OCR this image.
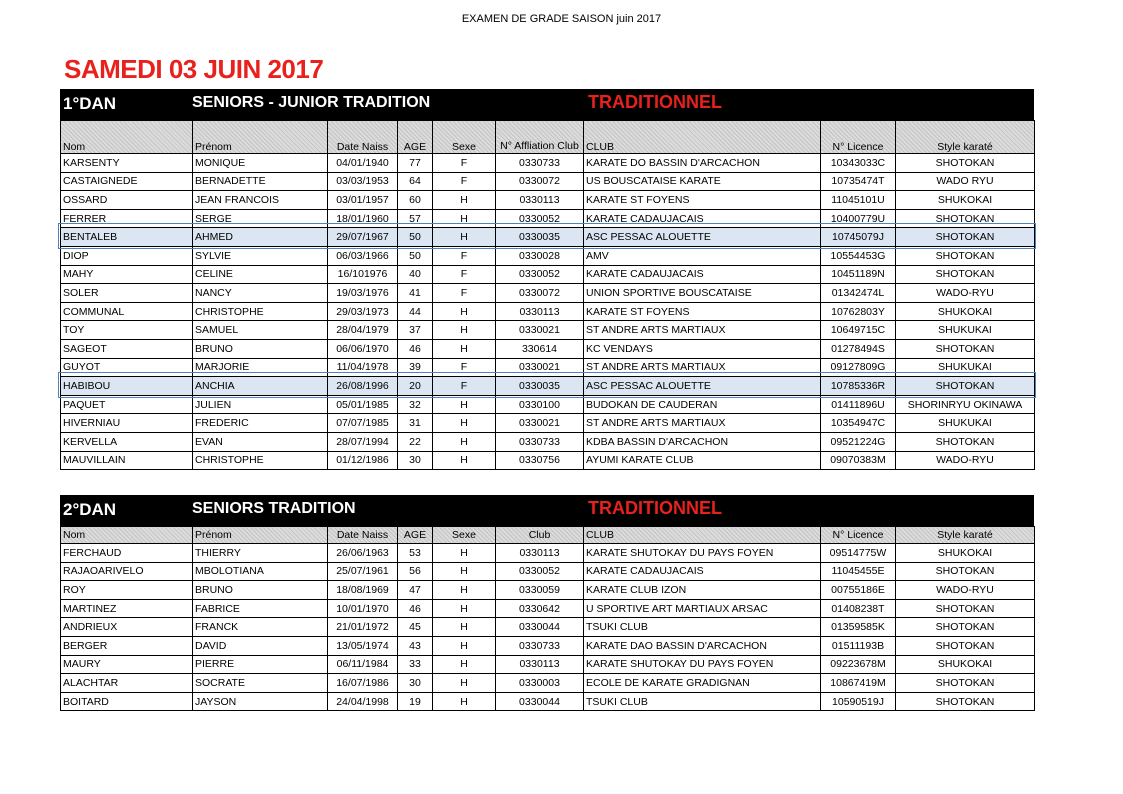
EXAMEN DE GRADE SAISON juin 2017
SAMEDI 03 JUIN 2017
1°DAN	SENIORS - JUNIOR TRADITION	TRADITIONNEL
Nom	Prénom	Date Naiss	AGE	Sexe	N° Affliation Club	CLUB	N° Licence	Style karaté
KARSENTY	MONIQUE	04/01/1940	77	F	0330733	KARATE DO BASSIN D'ARCACHON	10343033C	SHOTOKAN
CASTAIGNEDE	BERNADETTE	03/03/1953	64	F	0330072	US BOUSCATAISE KARATE	10735474T	WADO RYU
OSSARD	JEAN FRANCOIS	03/01/1957	60	H	0330113	KARATE ST FOYENS	11045101U	SHUKOKAI
FERRER	SERGE	18/01/1960	57	H	0330052	KARATE CADAUJACAIS	10400779U	SHOTOKAN
BENTALEB	AHMED	29/07/1967	50	H	0330035	ASC PESSAC ALOUETTE	10745079J	SHOTOKAN
DIOP	SYLVIE	06/03/1966	50	F	0330028	AMV	10554453G	SHOTOKAN
MAHY	CELINE	16/101976	40	F	0330052	KARATE CADAUJACAIS	10451189N	SHOTOKAN
SOLER	NANCY	19/03/1976	41	F	0330072	UNION SPORTIVE BOUSCATAISE	01342474L	WADO-RYU
COMMUNAL	CHRISTOPHE	29/03/1973	44	H	0330113	KARATE ST FOYENS	10762803Y	SHUKOKAI
TOY	SAMUEL	28/04/1979	37	H	0330021	ST ANDRE ARTS MARTIAUX	10649715C	SHUKUKAI
SAGEOT	BRUNO	06/06/1970	46	H	330614	KC VENDAYS	01278494S	SHOTOKAN
GUYOT	MARJORIE	11/04/1978	39	F	0330021	ST ANDRE ARTS MARTIAUX	09127809G	SHUKUKAI
HABIBOU	ANCHIA	26/08/1996	20	F	0330035	ASC PESSAC ALOUETTE	10785336R	SHOTOKAN
PAQUET	JULIEN	05/01/1985	32	H	0330100	BUDOKAN DE CAUDERAN	01411896U	SHORINRYU OKINAWA
HIVERNIAU	FREDERIC	07/07/1985	31	H	0330021	ST ANDRE ARTS MARTIAUX	10354947C	SHUKUKAI
KERVELLA	EVAN	28/07/1994	22	H	0330733	KDBA BASSIN D'ARCACHON	09521224G	SHOTOKAN
MAUVILLAIN	CHRISTOPHE	01/12/1986	30	H	0330756	AYUMI KARATE CLUB	09070383M	WADO-RYU
2°DAN	SENIORS TRADITION	TRADITIONNEL
Nom	Prénom	Date Naiss	AGE	Sexe	Club	CLUB	N° Licence	Style karaté
FERCHAUD	THIERRY	26/06/1963	53	H	0330113	KARATE SHUTOKAY DU PAYS FOYEN	09514775W	SHUKOKAI
RAJAOARIVELO	MBOLOTIANA	25/07/1961	56	H	0330052	KARATE CADAUJACAIS	11045455E	SHOTOKAN
ROY	BRUNO	18/08/1969	47	H	0330059	KARATE CLUB IZON	00755186E	WADO-RYU
MARTINEZ	FABRICE	10/01/1970	46	H	0330642	U SPORTIVE ART MARTIAUX ARSAC	01408238T	SHOTOKAN
ANDRIEUX	FRANCK	21/01/1972	45	H	0330044	TSUKI CLUB	01359585K	SHOTOKAN
BERGER	DAVID	13/05/1974	43	H	0330733	KARATE DAO BASSIN D'ARCACHON	01511193B	SHOTOKAN
MAURY	PIERRE	06/11/1984	33	H	0330113	KARATE SHUTOKAY DU PAYS FOYEN	09223678M	SHUKOKAI
ALACHTAR	SOCRATE	16/07/1986	30	H	0330003	ECOLE DE KARATE GRADIGNAN	10867419M	SHOTOKAN
BOITARD	JAYSON	24/04/1998	19	H	0330044	TSUKI CLUB	10590519J	SHOTOKAN
